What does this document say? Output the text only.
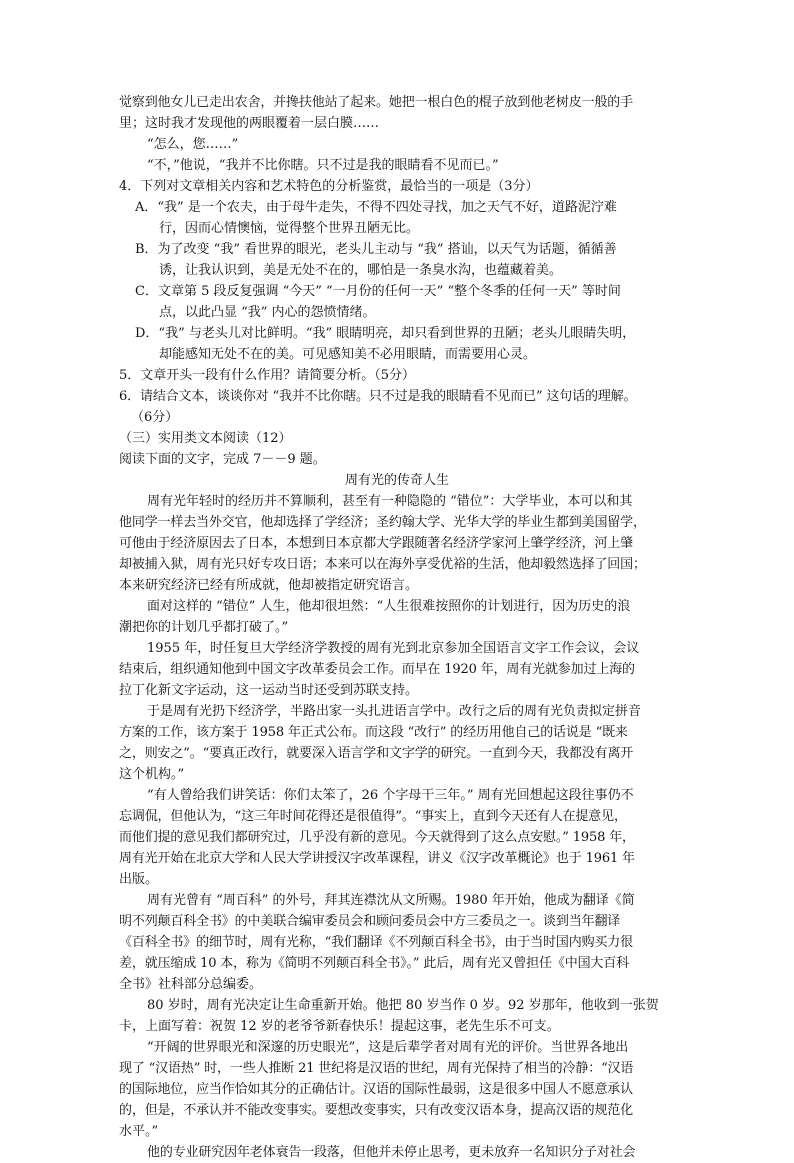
觉察到他女儿已走出农舍，并搀扶他站了起来。她把一根白色的棍子放到他老树皮一般的手

里；这时我才发现他的两眼覆着一层白膜……

“怎么，您……”

“不，”他说，“我并不比你瞎。只不过是我的眼睛看不见而已。”

4．下列对文章相关内容和艺术特色的分析鉴赏，最恰当的一项是（3分）

A．“我” 是一个农夫，由于母牛走失，不得不四处寻找，加之天气不好，道路泥泞难

行，因而心情懊恼，觉得整个世界丑陋无比。

B．为了改变 “我” 看世界的眼光，老头儿主动与 “我” 搭讪，以天气为话题，循循善

诱，让我认识到，美是无处不在的，哪怕是一条臭水沟，也蕴藏着美。

C．文章第 5 段反复强调 “今天” “一月份的任何一天” “整个冬季的任何一天” 等时间

点，以此凸显 “我” 内心的怨愤情绪。

D．“我” 与老头儿对比鲜明。“我” 眼睛明亮，却只看到世界的丑陋；老头儿眼睛失明，

却能感知无处不在的美。可见感知美不必用眼睛，而需要用心灵。

5．文章开头一段有什么作用？请简要分析。（5分）

6．请结合文本，谈谈你对 “我并不比你瞎。只不过是我的眼睛看不见而已” 这句话的理解。

（6分）

（三）实用类文本阅读（12）

阅读下面的文字，完成 7－－9 题。

周有光的传奇人生

周有光年轻时的经历并不算顺利，甚至有一种隐隐的 “错位”：大学毕业，本可以和其

他同学一样去当外交官，他却选择了学经济；圣约翰大学、光华大学的毕业生都到美国留学，

可他由于经济原因去了日本，本想到日本京都大学跟随著名经济学家河上肇学经济，河上肇

却被捕入狱，周有光只好专攻日语；本来可以在海外享受优裕的生活，他却毅然选择了回国；

本来研究经济已经有所成就，他却被指定研究语言。

面对这样的 “错位” 人生，他却很坦然：“人生很难按照你的计划进行，因为历史的浪

潮把你的计划几乎都打破了。”

1955 年，时任复旦大学经济学教授的周有光到北京参加全国语言文字工作会议，会议

结束后，组织通知他到中国文字改革委员会工作。而早在 1920 年，周有光就参加过上海的

拉丁化新文字运动，这一运动当时还受到苏联支持。

于是周有光扔下经济学，半路出家一头扎进语言学中。改行之后的周有光负责拟定拼音

方案的工作，该方案于 1958 年正式公布。而这段 “改行” 的经历用他自己的话说是 “既来

之，则安之”。“要真正改行，就要深入语言学和文字学的研究。一直到今天，我都没有离开

这个机构。”

“有人曾给我们讲笑话：你们太笨了，26 个字母干三年。” 周有光回想起这段往事仍不

忘调侃，但他认为，“这三年时间花得还是很值得”。“事实上，直到今天还有人在提意见，

而他们提的意见我们都研究过，几乎没有新的意见。今天就得到了这么点安慰。” 1958 年，

周有光开始在北京大学和人民大学讲授汉字改革课程，讲义《汉字改革概论》也于 1961 年

出版。

周有光曾有 “周百科” 的外号，拜其连襟沈从文所赐。1980 年开始，他成为翻译《简

明不列颠百科全书》的中美联合编审委员会和顾问委员会中方三委员之一。谈到当年翻译

《百科全书》的细节时，周有光称，“我们翻译《不列颠百科全书》，由于当时国内购买力很

差，就压缩成 10 本，称为《简明不列颠百科全书》。” 此后，周有光又曾担任《中国大百科

全书》社科部分总编委。

80 岁时，周有光决定让生命重新开始。他把 80 岁当作 0 岁。92 岁那年，他收到一张贺

卡，上面写着：祝贺 12 岁的老爷爷新春快乐！提起这事，老先生乐不可支。

“开阔的世界眼光和深邃的历史眼光”，这是后辈学者对周有光的评价。当世界各地出

现了 “汉语热” 时，一些人推断 21 世纪将是汉语的世纪，周有光保持了相当的冷静：“汉语

的国际地位，应当作恰如其分的正确估计。汉语的国际性最弱，这是很多中国人不愿意承认

的，但是，不承认并不能改变事实。要想改变事实，只有改变汉语本身，提高汉语的规范化

水平。”

他的专业研究因年老体衰告一段落，但他并未停止思考，更未放弃一名知识分子对社会
